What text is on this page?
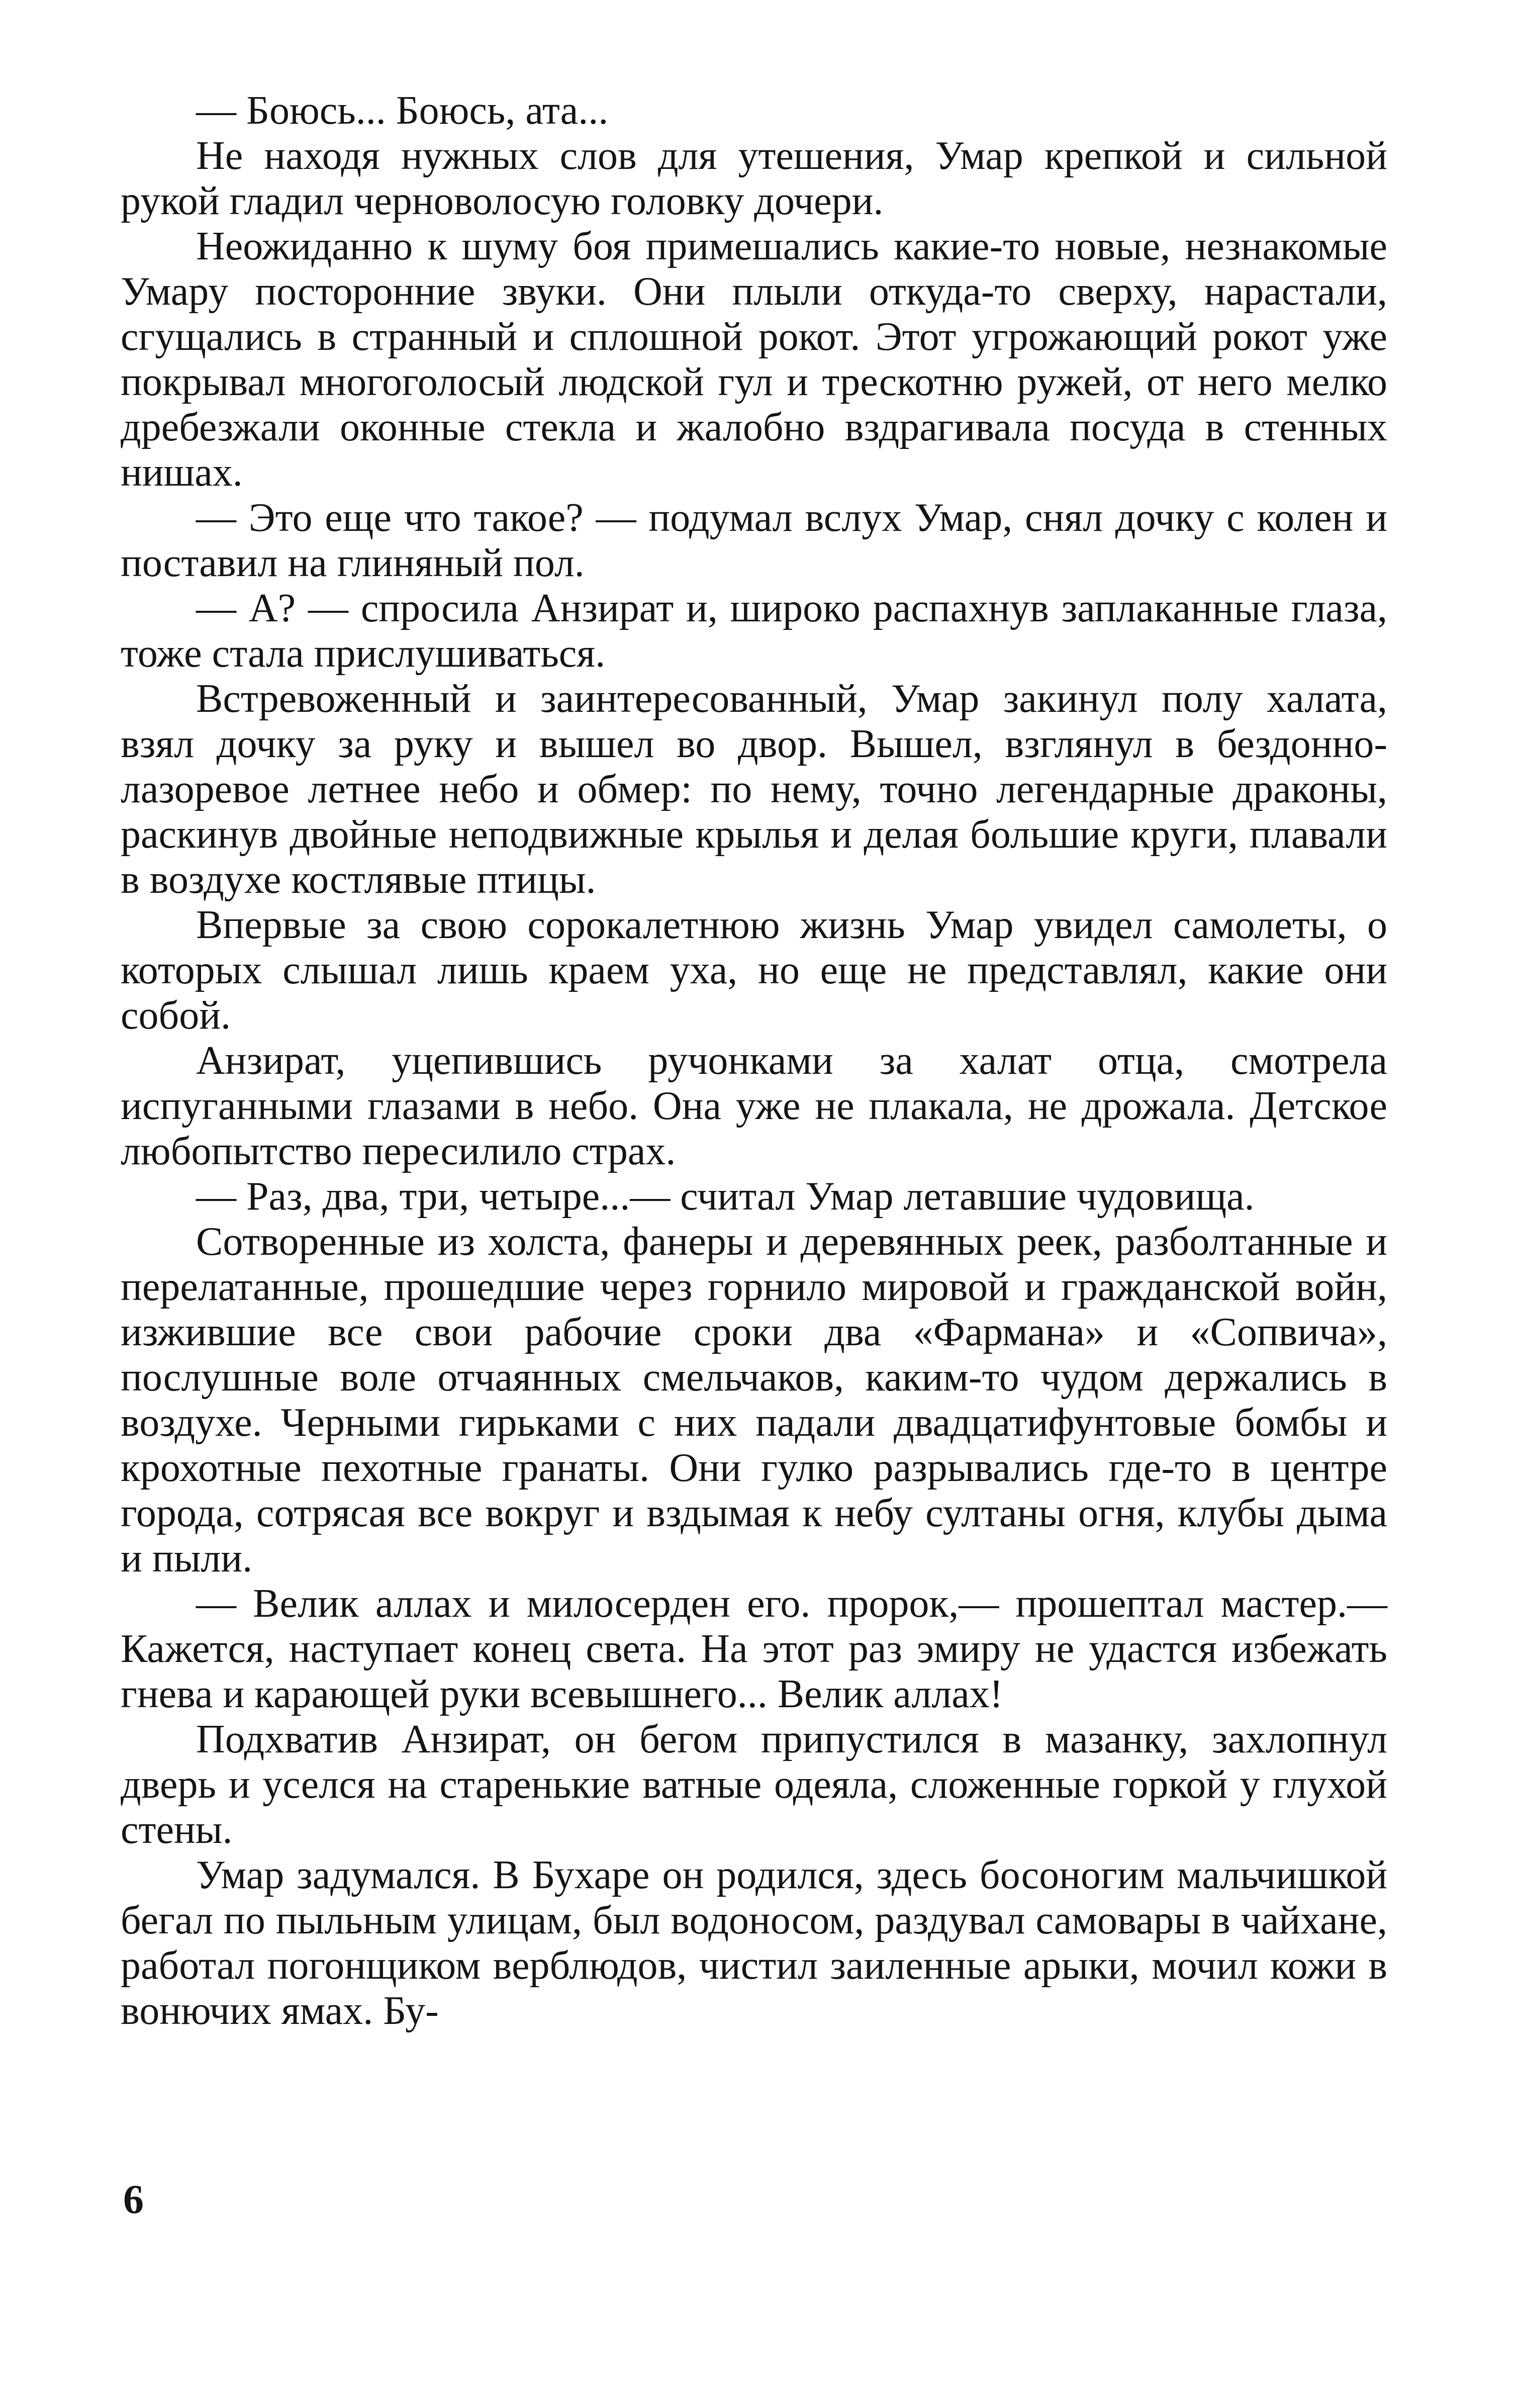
— Боюсь... Боюсь, ата...

Не находя нужных слов для утешения, Умар крепкой и сильной рукой гладил черноволосую головку дочери.

Неожиданно к шуму боя примешались какие-то новые, незнакомые Умару посторонние звуки. Они плыли откуда-то сверху, нарастали, сгущались в странный и сплошной рокот. Этот угрожающий рокот уже покрывал многоголосый людской гул и трескотню ружей, от него мелко дребезжали оконные стекла и жалобно вздрагивала посуда в стенных нишах.

— Это еще что такое? — подумал вслух Умар, снял дочку с колен и поставил на глиняный пол.

— А? — спросила Анзират и, широко распахнув заплаканные глаза, тоже стала прислушиваться.

Встревоженный и заинтересованный, Умар закинул полу халата, взял дочку за руку и вышел во двор. Вышел, взглянул в бездонно-лазоревое летнее небо и обмер: по нему, точно легендарные драконы, раскинув двойные неподвижные крылья и делая большие круги, плавали в воздухе костлявые птицы.

Впервые за свою сорокалетнюю жизнь Умар увидел самолеты, о которых слышал лишь краем уха, но еще не представлял, какие они собой.

Анзират, уцепившись ручонками за халат отца, смотрела испуганными глазами в небо. Она уже не плакала, не дрожала. Детское любопытство пересилило страх.

— Раз, два, три, четыре...— считал Умар летавшие чудовища.

Сотворенные из холста, фанеры и деревянных реек, разболтанные и перелатанные, прошедшие через горнило мировой и гражданской войн, изжившие все свои рабочие сроки два «Фармана» и «Сопвича», послушные воле отчаянных смельчаков, каким-то чудом держались в воздухе. Черными гирьками с них падали двадцатифунтовые бомбы и крохотные пехотные гранаты. Они гулко разрывались где-то в центре города, сотрясая все вокруг и вздымая к небу султаны огня, клубы дыма и пыли.

— Велик аллах и милосерден его. пророк,— прошептал мастер.— Кажется, наступает конец света. На этот раз эмиру не удастся избежать гнева и карающей руки всевышнего... Велик аллах!

Подхватив Анзират, он бегом припустился в мазанку, захлопнул дверь и уселся на старенькие ватные одеяла, сложенные горкой у глухой стены.

Умар задумался. В Бухаре он родился, здесь босоногим мальчишкой бегал по пыльным улицам, был водоносом, раздувал самовары в чайхане, работал погонщиком верблюдов, чистил заиленные арыки, мочил кожи в вонючих ямах. Бу-

6
